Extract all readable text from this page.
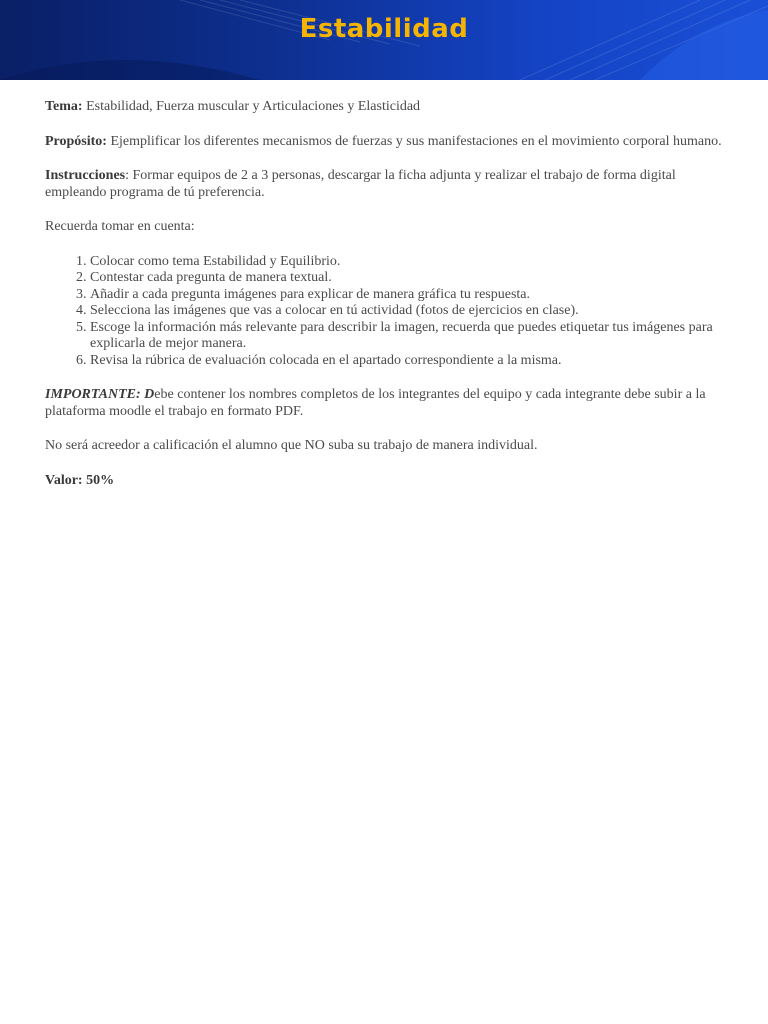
Estabilidad

Tema: Estabilidad, Fuerza muscular y Articulaciones y Elasticidad

Propósito: Ejemplificar los diferentes mecanismos de fuerzas y sus manifestaciones en el movimiento corporal humano.

Instrucciones: Formar equipos de 2 a 3 personas, descargar la ficha adjunta y realizar el trabajo de forma digital empleando programa de tú preferencia.

Recuerda tomar en cuenta:

1. Colocar como tema Estabilidad y Equilibrio.
2. Contestar cada pregunta de manera textual.
3. Añadir a cada pregunta imágenes para explicar de manera gráfica tu respuesta.
4. Selecciona las imágenes que vas a colocar en tú actividad (fotos de ejercicios en clase).
5. Escoge la información más relevante para describir la imagen, recuerda que puedes etiquetar tus imágenes para explicarla de mejor manera.
6. Revisa la rúbrica de evaluación colocada en el apartado correspondiente a la misma.

IMPORTANTE: Debe contener los nombres completos de los integrantes del equipo y cada integrante debe subir a la plataforma moodle el trabajo en formato PDF.

No será acreedor a calificación el alumno que NO suba su trabajo de manera individual.

Valor: 50%
